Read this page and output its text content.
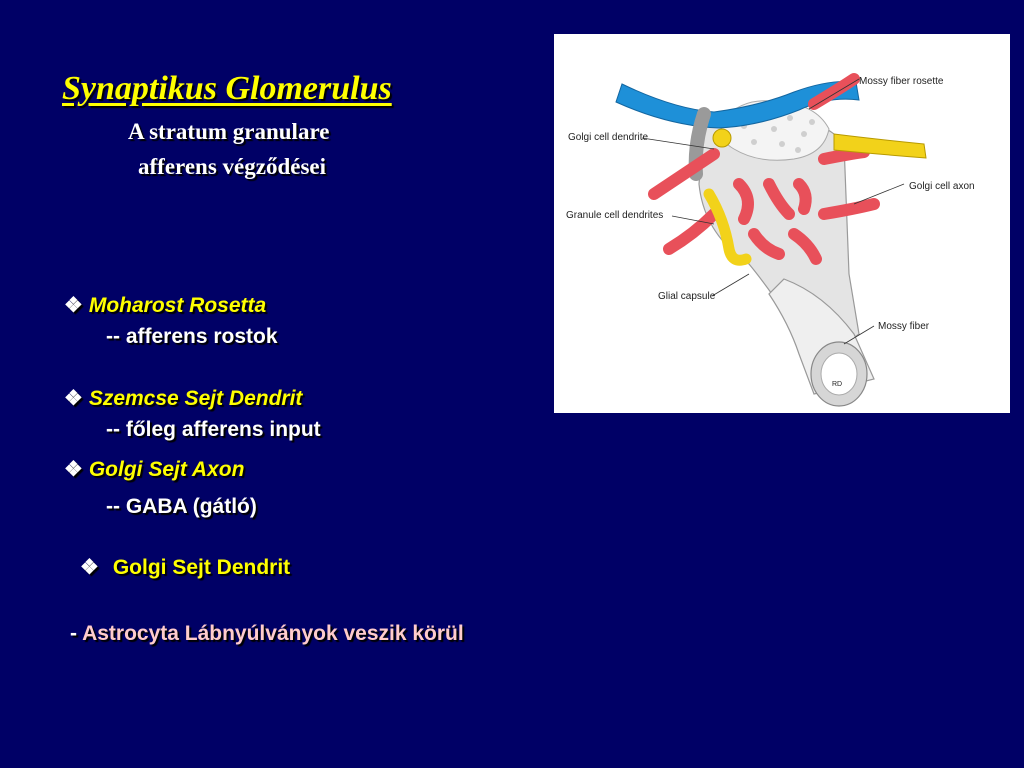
Synaptikus Glomerulus
A stratum granulare
afferens végződései
❖ Moharost Rosetta
-- afferens rostok
❖ Szemcse Sejt Dendrit
-- főleg afferens input
❖ Golgi Sejt Axon
-- GABA (gátló)
❖ Golgi Sejt Dendrit
- Astrocyta Lábnyúlványok veszik körül
Mossy fiber rosette
Golgi cell dendrite
Golgi cell axon
Granule cell dendrites
Glial capsule
Mossy fiber
RD
